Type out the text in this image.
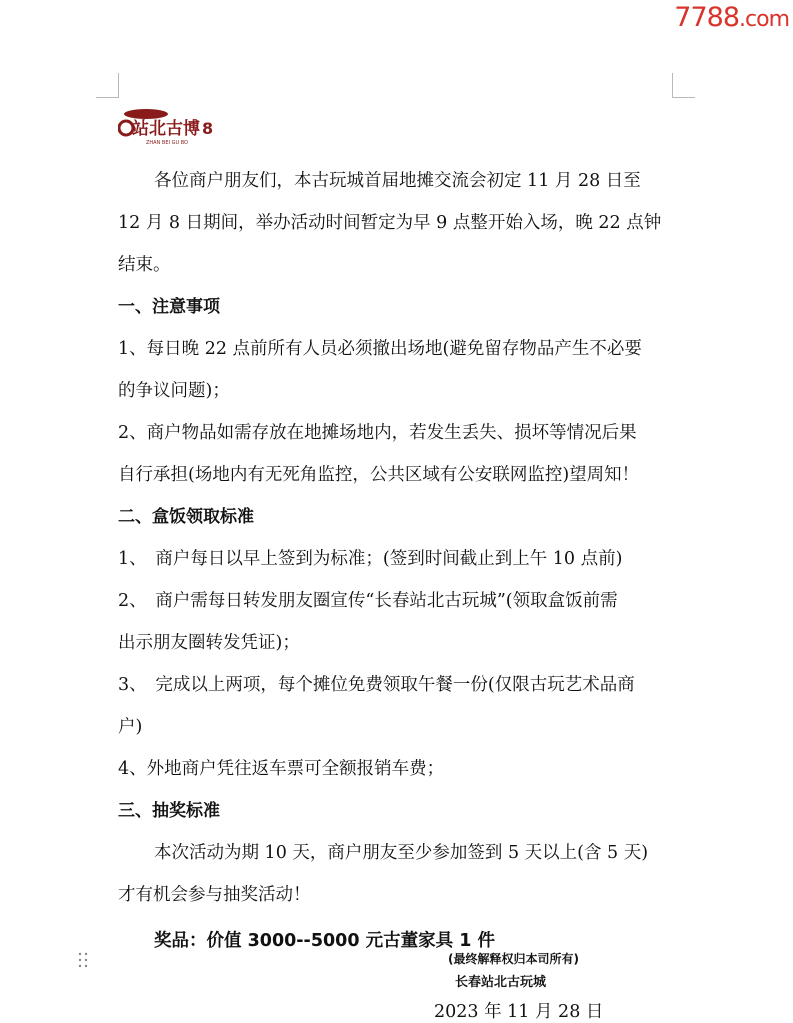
7788.com
站北古博 8
ZHAN BEI GU BO

各位商户朋友们，本古玩城首届地摊交流会初定 11 月 28 日至

12 月 8 日期间，举办活动时间暂定为早 9 点整开始入场，晚 22 点钟

结束。

一、注意事项

1、每日晚 22 点前所有人员必须撤出场地(避免留存物品产生不必要

的争议问题)；

2、商户物品如需存放在地摊场地内，若发生丢失、损坏等情况后果

自行承担(场地内有无死角监控，公共区域有公安联网监控)望周知！

二、盒饭领取标准

1、　商户每日以早上签到为标准；(签到时间截止到上午 10 点前)

2、　商户需每日转发朋友圈宣传“长春站北古玩城”(领取盒饭前需

出示朋友圈转发凭证)；

3、　完成以上两项，每个摊位免费领取午餐一份(仅限古玩艺术品商

户)

4、外地商户凭往返车票可全额报销车费；

三、抽奖标准

本次活动为期 10 天，商户朋友至少参加签到 5 天以上(含 5 天)

才有机会参与抽奖活动！

奖品：价值 3000--5000 元古董家具 1 件

(最终解释权归本司所有)
长春站北古玩城
2023 年 11 月 28 日
